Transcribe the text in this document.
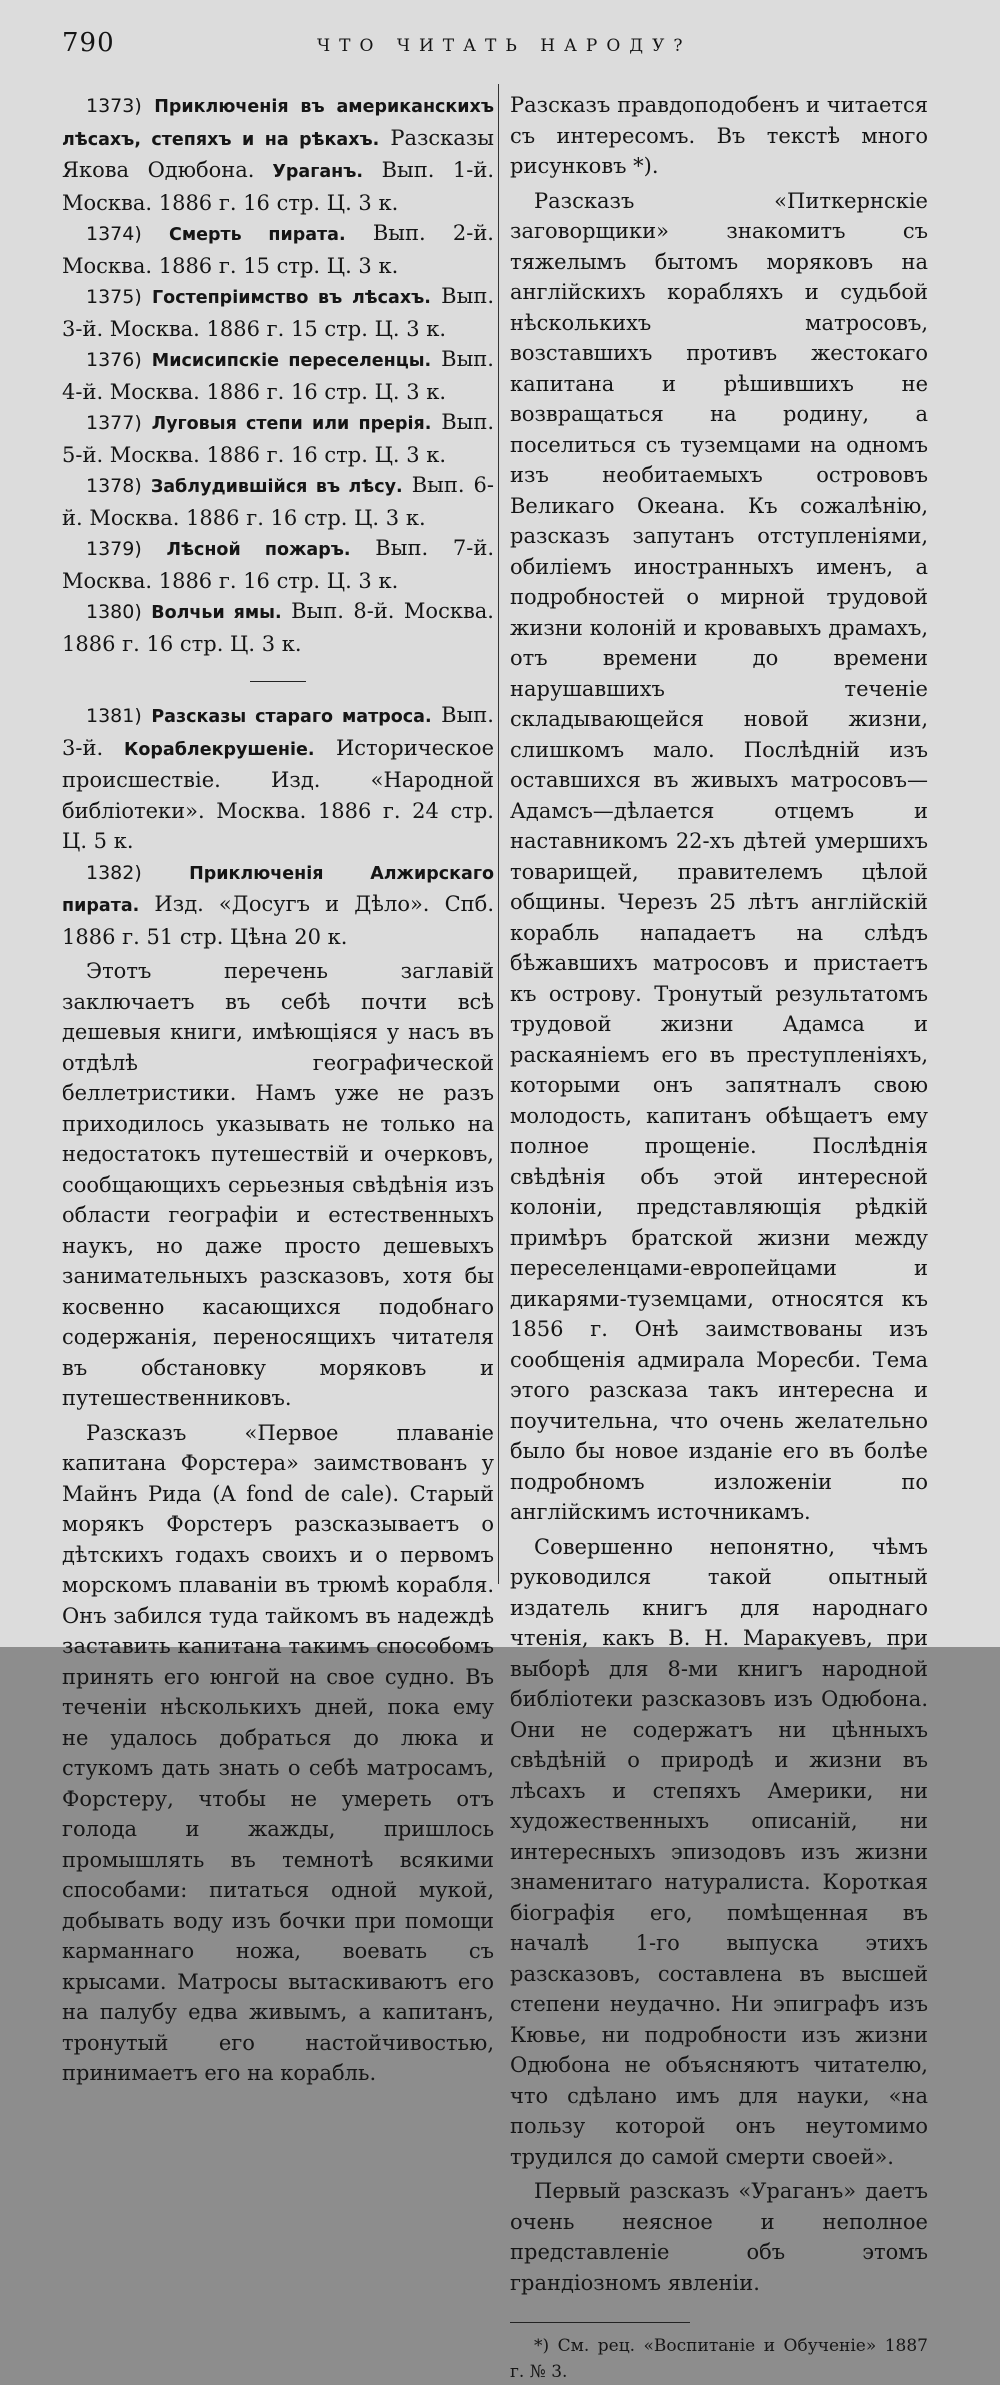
790	ЧТО ЧИТАТЬ НАРОДУ?

1373) Приключенія въ американскихъ лѣсахъ, степяхъ и на рѣкахъ. Разсказы Якова Одюбона. Ураганъ. Вып. 1-й. Москва. 1886 г. 16 стр. Ц. 3 к.

1374) Смерть пирата. Вып. 2-й. Москва. 1886 г. 15 стр. Ц. 3 к.

1375) Гостепріимство въ лѣсахъ. Вып. 3-й. Москва. 1886 г. 15 стр. Ц. 3 к.

1376) Мисисипскіе переселенцы. Вып. 4-й. Москва. 1886 г. 16 стр. Ц. 3 к.

1377) Луговыя степи или прерія. Вып. 5-й. Москва. 1886 г. 16 стр. Ц. 3 к.

1378) Заблудившійся въ лѣсу. Вып. 6-й. Москва. 1886 г. 16 стр. Ц. 3 к.

1379) Лѣсной пожаръ. Вып. 7-й. Москва. 1886 г. 16 стр. Ц. 3 к.

1380) Волчьи ямы. Вып. 8-й. Москва. 1886 г. 16 стр. Ц. 3 к.

1381) Разсказы стараго матроса. Вып. 3-й. Кораблекрушеніе. Историческое происшествіе. Изд. «Народной библіотеки». Москва. 1886 г. 24 стр. Ц. 5 к.

1382)	Приключенія Алжирскаго пирата. Изд. «Досугъ и Дѣло». Спб. 1886 г. 51 стр. Цѣна 20 к.

Этотъ перечень заглавій заключаетъ въ себѣ почти всѣ дешевыя книги, имѣющіяся у насъ въ отдѣлѣ географической беллетристики. Намъ уже не разъ приходилось указывать не только на недостатокъ путешествій и очерковъ, сообщающихъ серьезныя свѣдѣнія изъ области географіи и естественныхъ наукъ, но даже просто дешевыхъ занимательныхъ разсказовъ, хотя бы косвенно касающихся подобнаго содержанія, переносящихъ читателя въ обстановку моряковъ и путешественниковъ.

Разсказъ «Первое плаваніе капитана Форстера» заимствованъ у Майнъ Рида (A fond de cale). Старый морякъ Форстеръ разсказываетъ о дѣтскихъ годахъ своихъ и о первомъ морскомъ плаваніи въ трюмѣ корабля. Онъ забился туда тайкомъ въ надеждѣ заставить капитана такимъ способомъ принять его юнгой на свое судно. Въ теченіи нѣсколькихъ дней, пока ему не удалось добраться до люка и стукомъ дать знать о себѣ матросамъ, Форстеру, чтобы не умереть отъ голода и жажды, пришлось промышлять въ темнотѣ всякими способами: питаться одной мукой, добывать воду изъ бочки при помощи карманнаго ножа, воевать съ крысами. Матросы вытаскиваютъ его на палубу едва живымъ, а капитанъ, тронутый его настойчивостью, принимаетъ его на корабль.

Разсказъ правдоподобенъ и читается съ интересомъ. Въ текстѣ много рисунковъ *).

Разсказъ «Питкернскіе заговорщики» знакомитъ съ тяжелымъ бытомъ моряковъ на англійскихъ корабляхъ и судьбой нѣсколькихъ матросовъ, возставшихъ противъ жестокаго капитана и рѣшившихъ не возвращаться на родину, а поселиться съ туземцами на одномъ изъ необитаемыхъ острововъ Великаго Океана. Къ сожалѣнію, разсказъ запутанъ отступленіями, обиліемъ иностранныхъ именъ, а подробностей о мирной трудовой жизни колоній и кровавыхъ драмахъ, отъ времени до времени нарушавшихъ теченіе складывающейся новой жизни, слишкомъ мало. Послѣдній изъ оставшихся въ живыхъ матросовъ—Адамсъ—дѣлается отцемъ и наставникомъ 22-хъ дѣтей умершихъ товарищей, правителемъ цѣлой общины. Черезъ 25 лѣтъ англійскій корабль нападаетъ на слѣдъ бѣжавшихъ матросовъ и пристаетъ къ острову. Тронутый результатомъ трудовой жизни Адамса и раскаяніемъ его въ преступленіяхъ, которыми онъ запятналъ свою молодость, капитанъ обѣщаетъ ему полное прощеніе. Послѣднія свѣдѣнія объ этой интересной колоніи, представляющія рѣдкій примѣръ братской жизни между переселенцами-европейцами и дикарями-туземцами, относятся къ 1856 г. Онѣ заимствованы изъ сообщенія адмирала Моресби. Тема этого разсказа такъ интересна и поучительна, что очень желательно было бы новое изданіе его въ болѣе подробномъ изложеніи по англійскимъ источникамъ.

Совершенно непонятно, чѣмъ руководился такой опытный издатель книгъ для народнаго чтенія, какъ В. Н. Маракуевъ, при выборѣ для 8-ми книгъ народной библіотеки разсказовъ изъ Одюбона. Они не содержатъ ни цѣнныхъ свѣдѣній о природѣ и жизни въ лѣсахъ и степяхъ Америки, ни художественныхъ описаній, ни интересныхъ эпизодовъ изъ жизни знаменитаго натуралиста. Короткая біографія его, помѣщенная въ началѣ 1-го выпуска этихъ разсказовъ, составлена въ высшей степени неудачно. Ни эпиграфъ изъ Кювье, ни подробности изъ жизни Одюбона не объясняютъ читателю, что сдѣлано имъ для науки, «на пользу которой онъ неутомимо трудился до самой смерти своей».

Первый разсказъ «Ураганъ» даетъ очень неясное и неполное представленіе объ этомъ грандіозномъ явленіи.

*) См. рец. «Воспитаніе и Обученіе» 1887 г. № 3.
